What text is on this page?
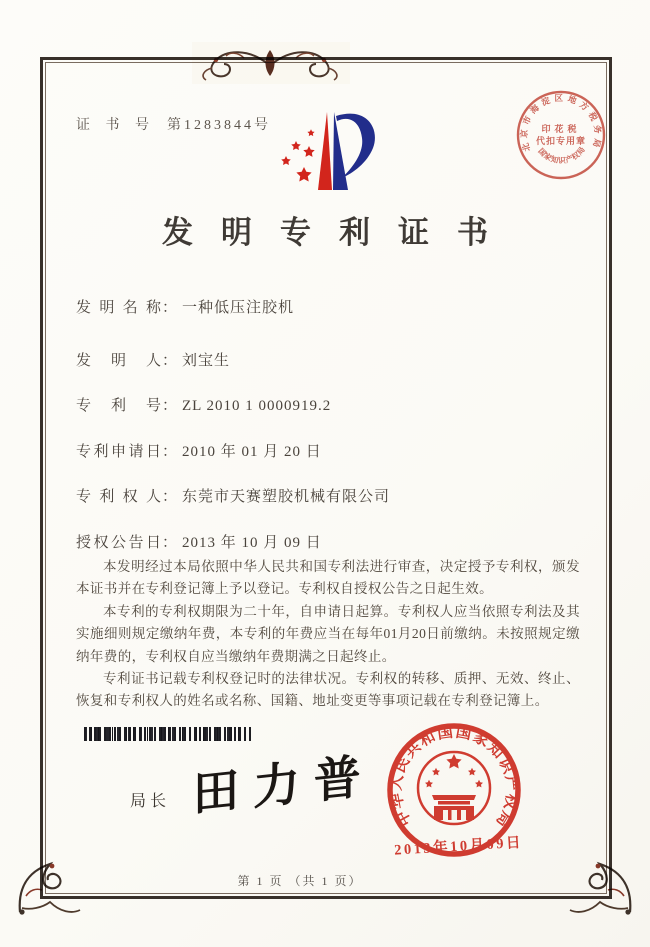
证 书 号 第1283844号
发明专利证书
发明名称： 一种低压注胶机
发明人： 刘宝生
专利号： ZL 2010 1 0000919.2
专利申请日： 2010 年 01 月 20 日
专利权人： 东莞市天赛塑胶机械有限公司
授权公告日： 2013 年 10 月 09 日

本发明经过本局依照中华人民共和国专利法进行审查，决定授予专利权，颁发本证书并在专利登记簿上予以登记。专利权自授权公告之日起生效。

本专利的专利权期限为二十年，自申请日起算。专利权人应当依照专利法及其实施细则规定缴纳年费，本专利的年费应当在每年01月20日前缴纳。未按照规定缴纳年费的，专利权自应当缴纳年费期满之日起终止。

专利证书记载专利权登记时的法律状况。专利权的转移、质押、无效、终止、恢复和专利权人的姓名或名称、国籍、地址变更等事项记载在专利登记簿上。

局长 田力普
第 1 页 （共 1 页）
北京市海淀区地方税务局
国家知识产权局
印花税
代扣专用章
中华人民共和国国家知识产权局
2013年10月09日
